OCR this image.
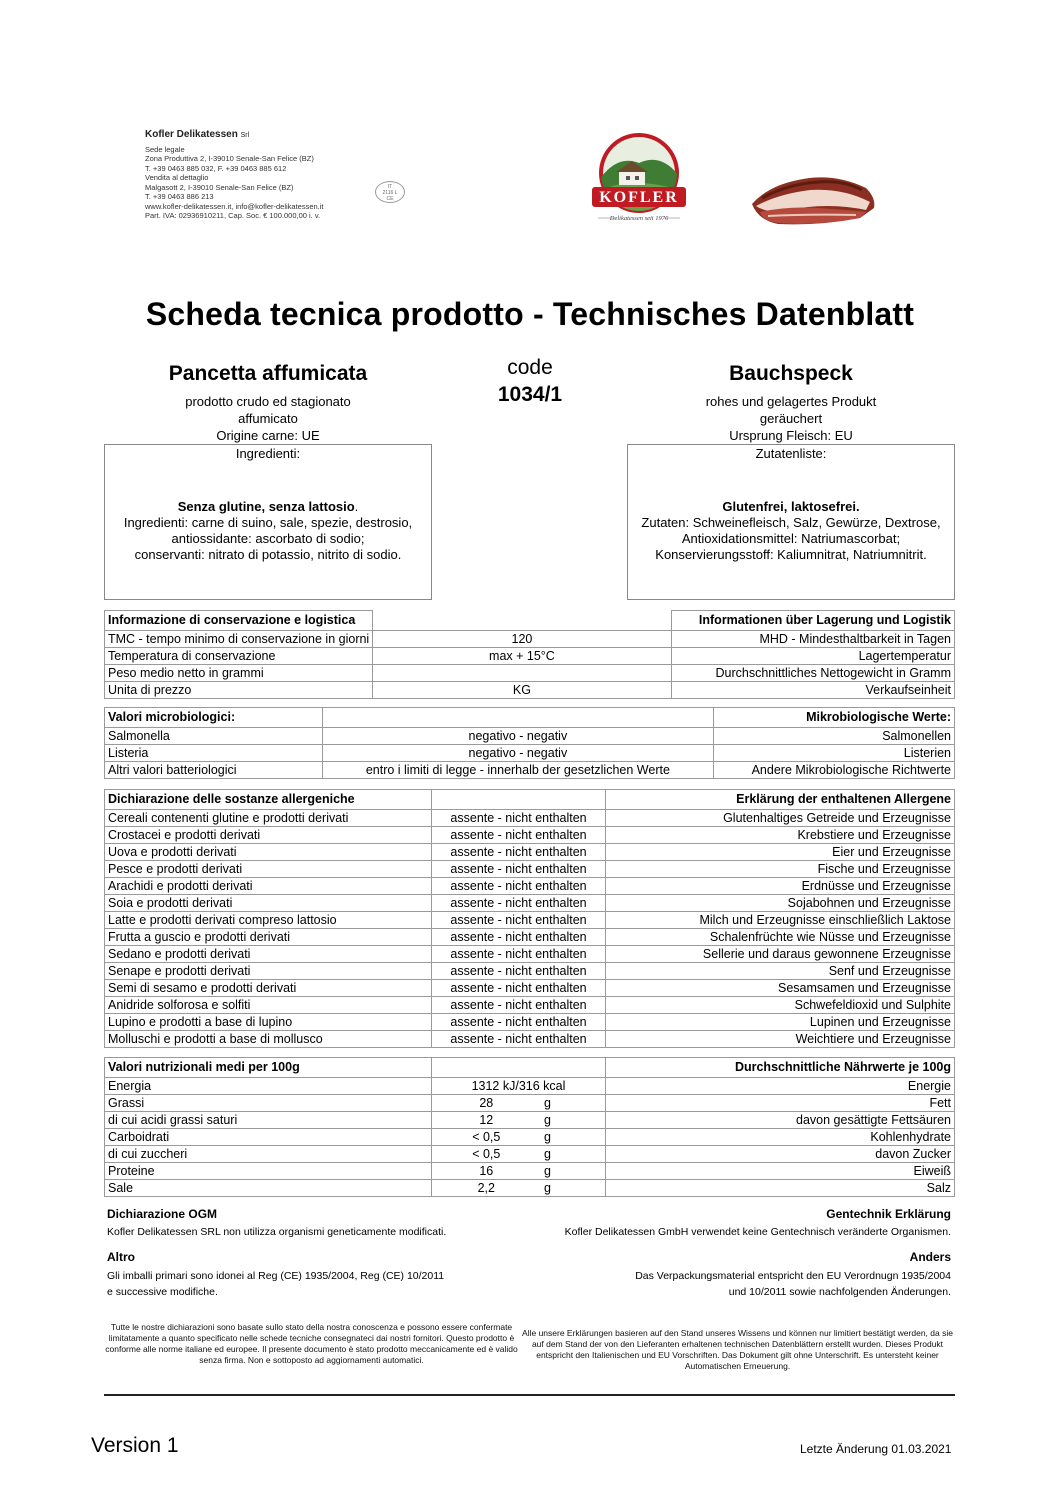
Kofler Delikatessen Srl
Sede legale
Zona Produttiva 2, I-39010 Senale-San Felice (BZ)
T. +39 0463 885 032, F. +39 0463 885 612
Vendita al dettaglio
Malgasott 2, I-39010 Senale-San Felice (BZ)
T. +39 0463 886 213
www.kofler-delikatessen.it, info@kofler-delikatessen.it
Part. IVA: 02936910211, Cap. Soc. € 100.000,00 i. v.
IT
2116 L
CE	KOFLER
Delikatessen seit 1976
Scheda tecnica prodotto - Technisches Datenblatt
Pancetta affumicata
prodotto crudo ed stagionato
affumicato
Origine carne: UE
code
1034/1
Bauchspeck
rohes und gelagertes Produkt
geräuchert
Ursprung Fleisch: EU
Ingredienti:
Senza glutine, senza lattosio.
Ingredienti: carne di suino, sale, spezie, destrosio,
antiossidante: ascorbato di sodio;
conservanti: nitrato di potassio, nitrito di sodio.
Zutatenliste:
Glutenfrei, laktosefrei.
Zutaten: Schweinefleisch, Salz, Gewürze, Dextrose,
Antioxidationsmittel: Natriumascorbat;
Konservierungsstoff: Kaliumnitrat, Natriumnitrit.
Informazione di conservazione e logistica		Informationen über Lagerung und Logistik
TMC - tempo minimo di conservazione in giorni	120	MHD - Mindesthaltbarkeit in Tagen
Temperatura di conservazione	max + 15°C	Lagertemperatur
Peso medio netto in grammi		Durchschnittliches Nettogewicht in Gramm
Unita di prezzo	KG	Verkaufseinheit
Valori microbiologici:		Mikrobiologische Werte:
Salmonella	negativo - negativ	Salmonellen
Listeria	negativo - negativ	Listerien
Altri valori batteriologici	entro i limiti di legge - innerhalb der gesetzlichen Werte	Andere Mikrobiologische Richtwerte
Dichiarazione delle sostanze allergeniche		Erklärung der enthaltenen Allergene
Cereali contenenti glutine e prodotti derivati	assente - nicht enthalten	Glutenhaltiges Getreide und Erzeugnisse
Crostacei e prodotti derivati	assente - nicht enthalten	Krebstiere und Erzeugnisse
Uova e prodotti derivati	assente - nicht enthalten	Eier und Erzeugnisse
Pesce e prodotti derivati	assente - nicht enthalten	Fische und Erzeugnisse
Arachidi e prodotti derivati	assente - nicht enthalten	Erdnüsse und Erzeugnisse
Soia e prodotti derivati	assente - nicht enthalten	Sojabohnen und Erzeugnisse
Latte e prodotti derivati compreso lattosio	assente - nicht enthalten	Milch und Erzeugnisse einschließlich Laktose
Frutta a guscio e prodotti derivati	assente - nicht enthalten	Schalenfrüchte wie Nüsse und Erzeugnisse
Sedano e prodotti derivati	assente - nicht enthalten	Sellerie und daraus gewonnene Erzeugnisse
Senape e prodotti derivati	assente - nicht enthalten	Senf und Erzeugnisse
Semi di sesamo e prodotti derivati	assente - nicht enthalten	Sesamsamen und Erzeugnisse
Anidride solforosa e solfiti	assente - nicht enthalten	Schwefeldioxid und Sulphite
Lupino e prodotti a base di lupino	assente - nicht enthalten	Lupinen und Erzeugnisse
Molluschi e prodotti a base di mollusco	assente - nicht enthalten	Weichtiere und Erzeugnisse
Valori nutrizionali medi per 100g			Durchschnittliche Nährwerte je 100g
Energia	1312 kJ/316 kcal		Energie
Grassi	28	g	Fett
di cui acidi grassi saturi	12	g	davon gesättigte Fettsäuren
Carboidrati	< 0,5	g	Kohlenhydrate
di cui zuccheri	< 0,5	g	davon Zucker
Proteine	16	g	Eiweiß
Sale	2,2	g	Salz
Dichiarazione OGM	Gentechnik Erklärung
Kofler Delikatessen SRL non utilizza organismi geneticamente modificati.	Kofler Delikatessen GmbH verwendet keine Gentechnisch veränderte Organismen.
Altro	Anders
Gli imballi primari sono idonei al Reg (CE) 1935/2004, Reg (CE) 10/2011
e successive modifiche.
Das Verpackungsmaterial entspricht den EU Verordnugn 1935/2004
und 10/2011 sowie nachfolgenden Änderungen.
Tutte le nostre dichiarazioni sono basate sullo stato della nostra conoscenza e possono essere confermate limitatamente a quanto specificato nelle schede tecniche consegnateci dai nostri fornitori. Questo prodotto è conforme alle norme italiane ed europee. Il presente documento è stato prodotto meccanicamente ed è valido senza firma. Non e sottoposto ad aggiornamenti automatici.
Alle unsere Erklärungen basieren auf den Stand unseres Wissens und können nur limitiert bestätigt werden, da sie auf dem Stand der von den Lieferanten erhaltenen technischen Datenblättern erstellt wurden. Dieses Produkt entspricht den Italienischen und EU Vorschriften. Das Dokument gilt ohne Unterschrift. Es untersteht keiner Automatischen Erneuerung.
Version 1	Letzte Änderung 01.03.2021
